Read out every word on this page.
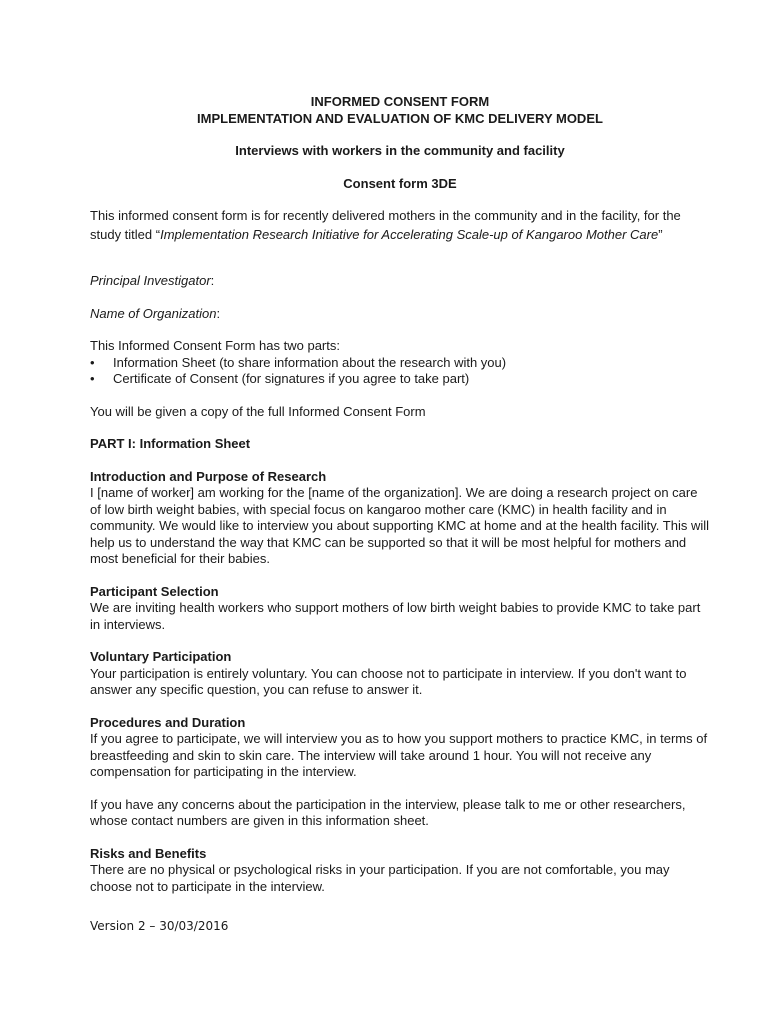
INFORMED CONSENT FORM

IMPLEMENTATION AND EVALUATION OF KMC DELIVERY MODEL

Interviews with workers in the community and facility

Consent form 3DE

This informed consent form is for recently delivered mothers in the community and in the facility, for the study titled “Implementation Research Initiative for Accelerating Scale-up of Kangaroo Mother Care”

Principal Investigator:

Name of Organization:

This Informed Consent Form has two parts:

• Information Sheet (to share information about the research with you)
• Certificate of Consent (for signatures if you agree to take part)

You will be given a copy of the full Informed Consent Form

PART I: Information Sheet

Introduction and Purpose of Research

I [name of worker] am working for the [name of the organization]. We are doing a research project on care of low birth weight babies, with special focus on kangaroo mother care (KMC) in health facility and in community. We would like to interview you about supporting KMC at home and at the health facility. This will help us to understand the way that KMC can be supported so that it will be most helpful for mothers and most beneficial for their babies.

Participant Selection

We are inviting health workers who support mothers of low birth weight babies to provide KMC to take part in interviews.

Voluntary Participation

Your participation is entirely voluntary. You can choose not to participate in interview. If you don't want to answer any specific question, you can refuse to answer it.

Procedures and Duration

If you agree to participate, we will interview you as to how you support mothers to practice KMC, in terms of breastfeeding and skin to skin care. The interview will take around 1 hour. You will not receive any compensation for participating in the interview.

If you have any concerns about the participation in the interview, please talk to me or other researchers, whose contact numbers are given in this information sheet.

Risks and Benefits

There are no physical or psychological risks in your participation. If you are not comfortable, you may choose not to participate in the interview.

Version 2 – 30/03/2016
